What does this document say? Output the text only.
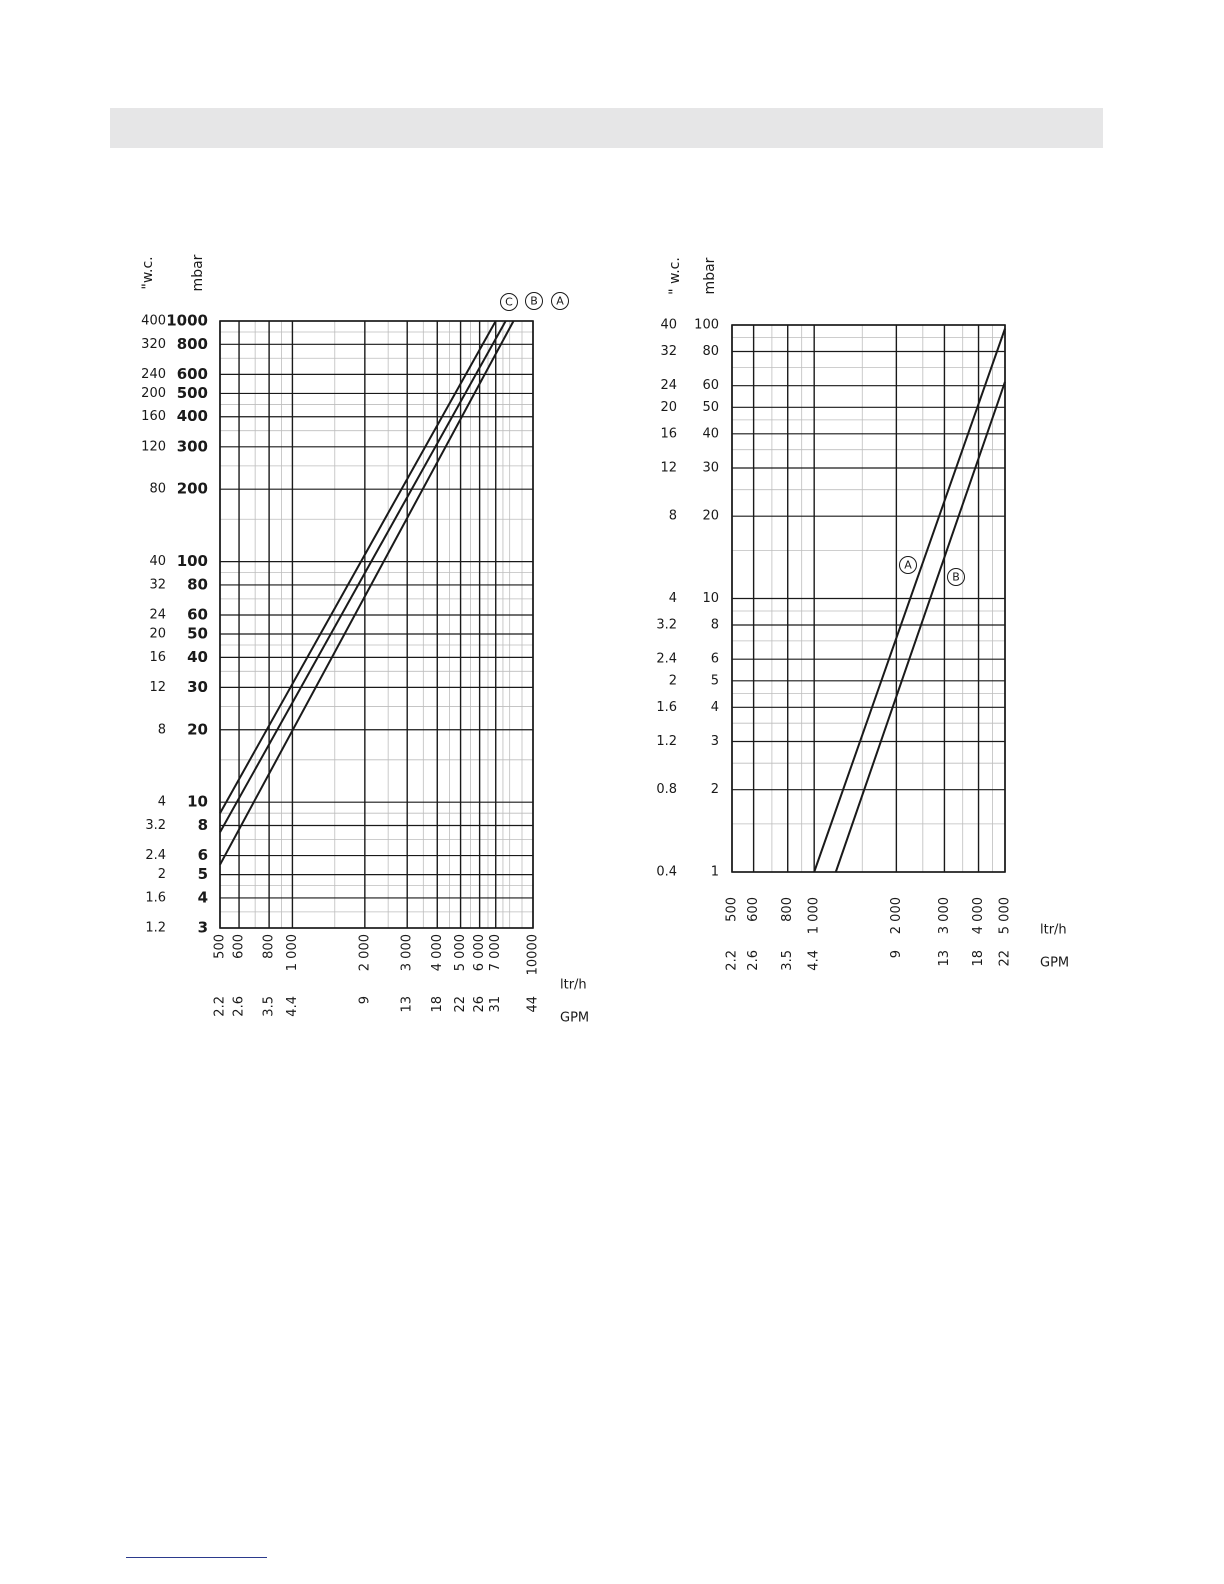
3
1.2
4
1.6
5
2
6
2.4
8
3.2
10
4
20
8
30
12
40
16
50
20
60
24
80
32
100
40
200
80
300
120
400
160
500
200
600
240
800
320
1000
400
mbar
"w.c.
500
2.2
600
2.6
800
3.5
1 000
4.4
2 000
9
3 000
13
4 000
18
5 000
22
6 000
26
7 000
31
10000
44
ltr/h
GPM
C B A
1
0.4
2
0.8
3
1.2
4
1.6
5
2
6
2.4
8
3.2
10
4
20
8
30
12
40
16
50
20
60
24
80
32
100
40
mbar
" w.c.
500
2.2
600
2.6
800
3.5
1 000
4.4
2 000
9
3 000
13
4 000
18
5 000
22
ltr/h
GPM
A
B
